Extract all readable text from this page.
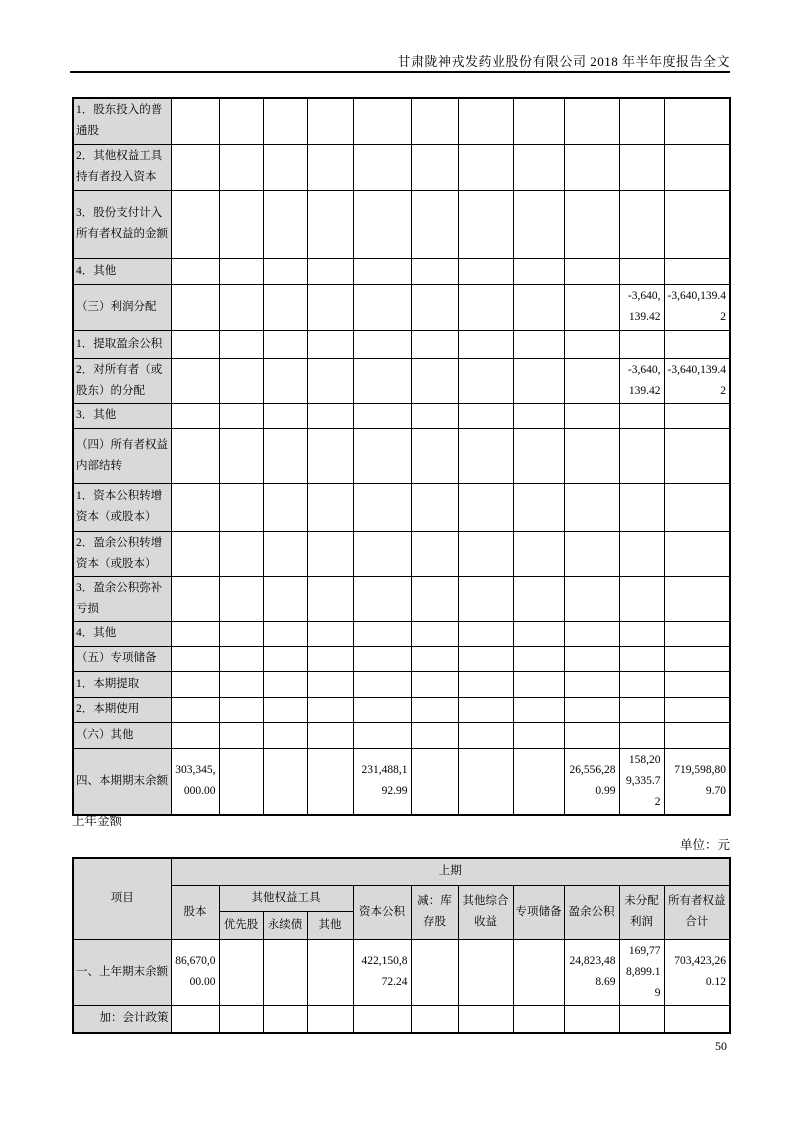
甘肃陇神戎发药业股份有限公司 2018 年半年度报告全文
1．股东投入的普通股											
2．其他权益工具持有者投入资本											
3．股份支付计入所有者权益的金额											
4．其他											
（三）利润分配										-3,640,139.42	-3,640,139.42
1．提取盈余公积											
2．对所有者（或股东）的分配										-3,640,139.42	-3,640,139.42
3．其他											
（四）所有者权益内部结转											
1．资本公积转增资本（或股本）											
2．盈余公积转增资本（或股本）											
3．盈余公积弥补亏损											
4．其他											
（五）专项储备											
1．本期提取											
2．本期使用											
（六）其他											
四、本期期末余额	303,345,000.00				231,488,192.99				26,556,280.99	158,209,335.72	719,598,809.70
上年金额
单位：元
项目	上期										
	股本	其他权益工具			资本公积	减：库存股	其他综合收益	专项储备	盈余公积	未分配利润	所有者权益合计
		优先股	永续债	其他							
一、上年期末余额	86,670,000.00				422,150,872.24				24,823,488.69	169,778,899.19	703,423,260.12
加：会计政策											
50
